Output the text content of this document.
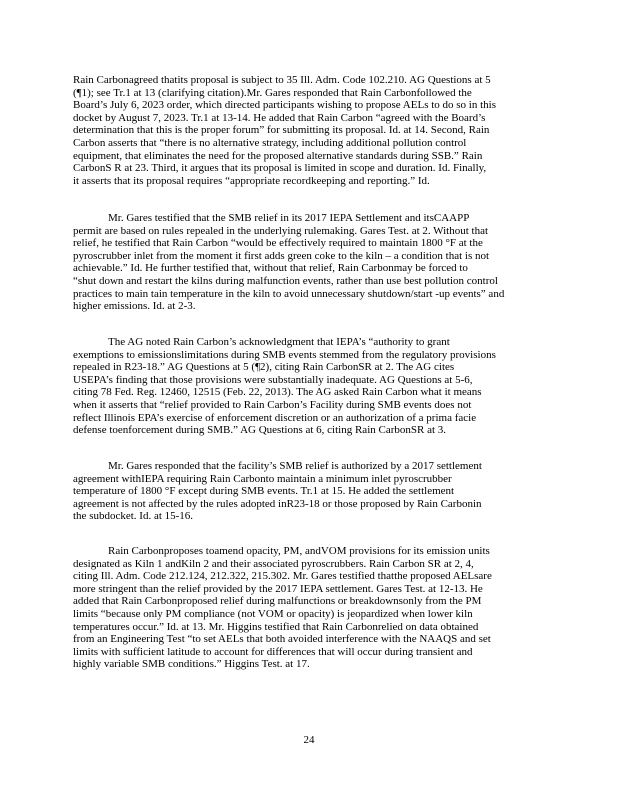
Rain Carbonagreed thatits proposal is subject to 35 Ill. Adm. Code 102.210. AG Questions at 5
(¶1); see Tr.1 at 13 (clarifying citation).Mr. Gares responded that Rain Carbonfollowed the
Board’s July 6, 2023 order, which directed participants wishing to propose AELs to do so in this
docket by August 7, 2023. Tr.1 at 13-14. He added that Rain Carbon “agreed with the Board’s
determination that this is the proper forum” for submitting its proposal. Id. at 14. Second, Rain
Carbon asserts that “there is no alternative strategy, including additional pollution control
equipment, that eliminates the need for the proposed alternative standards during SSB.” Rain
CarbonS R at 23. Third, it argues that its proposal is limited in scope and duration. Id. Finally,
it asserts that its proposal requires “appropriate recordkeeping and reporting.” Id.
Mr. Gares testified that the SMB relief in its 2017 IEPA Settlement and itsCAAPP
permit are based on rules repealed in the underlying rulemaking. Gares Test. at 2. Without that
relief, he testified that Rain Carbon “would be effectively required to maintain 1800 °F at the
pyroscrubber inlet from the moment it first adds green coke to the kiln – a condition that is not
achievable.” Id. He further testified that, without that relief, Rain Carbonmay be forced to
“shut down and restart the kilns during malfunction events, rather than use best pollution control
practices to main tain temperature in the kiln to avoid unnecessary shutdown/start -up events” and
higher emissions. Id. at 2-3.
The AG noted Rain Carbon’s acknowledgment that IEPA’s “authority to grant
exemptions to emissionslimitations during SMB events stemmed from the regulatory provisions
repealed in R23-18.” AG Questions at 5 (¶2), citing Rain CarbonSR at 2. The AG cites
USEPA’s finding that those provisions were substantially inadequate. AG Questions at 5-6,
citing 78 Fed. Reg. 12460, 12515 (Feb. 22, 2013). The AG asked Rain Carbon what it means
when it asserts that “relief provided to Rain Carbon’s Facility during SMB events does not
reflect Illinois EPA’s exercise of enforcement discretion or an authorization of a prima facie
defense toenforcement during SMB.” AG Questions at 6, citing Rain CarbonSR at 3.
Mr. Gares responded that the facility’s SMB relief is authorized by a 2017 settlement
agreement withIEPA requiring Rain Carbonto maintain a minimum inlet pyroscrubber
temperature of 1800 °F except during SMB events. Tr.1 at 15. He added the settlement
agreement is not affected by the rules adopted inR23-18 or those proposed by Rain Carbonin
the subdocket. Id. at 15-16.
Rain Carbonproposes toamend opacity, PM, andVOM provisions for its emission units
designated as Kiln 1 andKiln 2 and their associated pyroscrubbers. Rain Carbon SR at 2, 4,
citing Ill. Adm. Code 212.124, 212.322, 215.302. Mr. Gares testified thatthe proposed AELsare
more stringent than the relief provided by the 2017 IEPA settlement. Gares Test. at 12-13. He
added that Rain Carbonproposed relief during malfunctions or breakdownsonly from the PM
limits “because only PM compliance (not VOM or opacity) is jeopardized when lower kiln
temperatures occur.” Id. at 13. Mr. Higgins testified that Rain Carbonrelied on data obtained
from an Engineering Test “to set AELs that both avoided interference with the NAAQS and set
limits with sufficient latitude to account for differences that will occur during transient and
highly variable SMB conditions.” Higgins Test. at 17.
24
